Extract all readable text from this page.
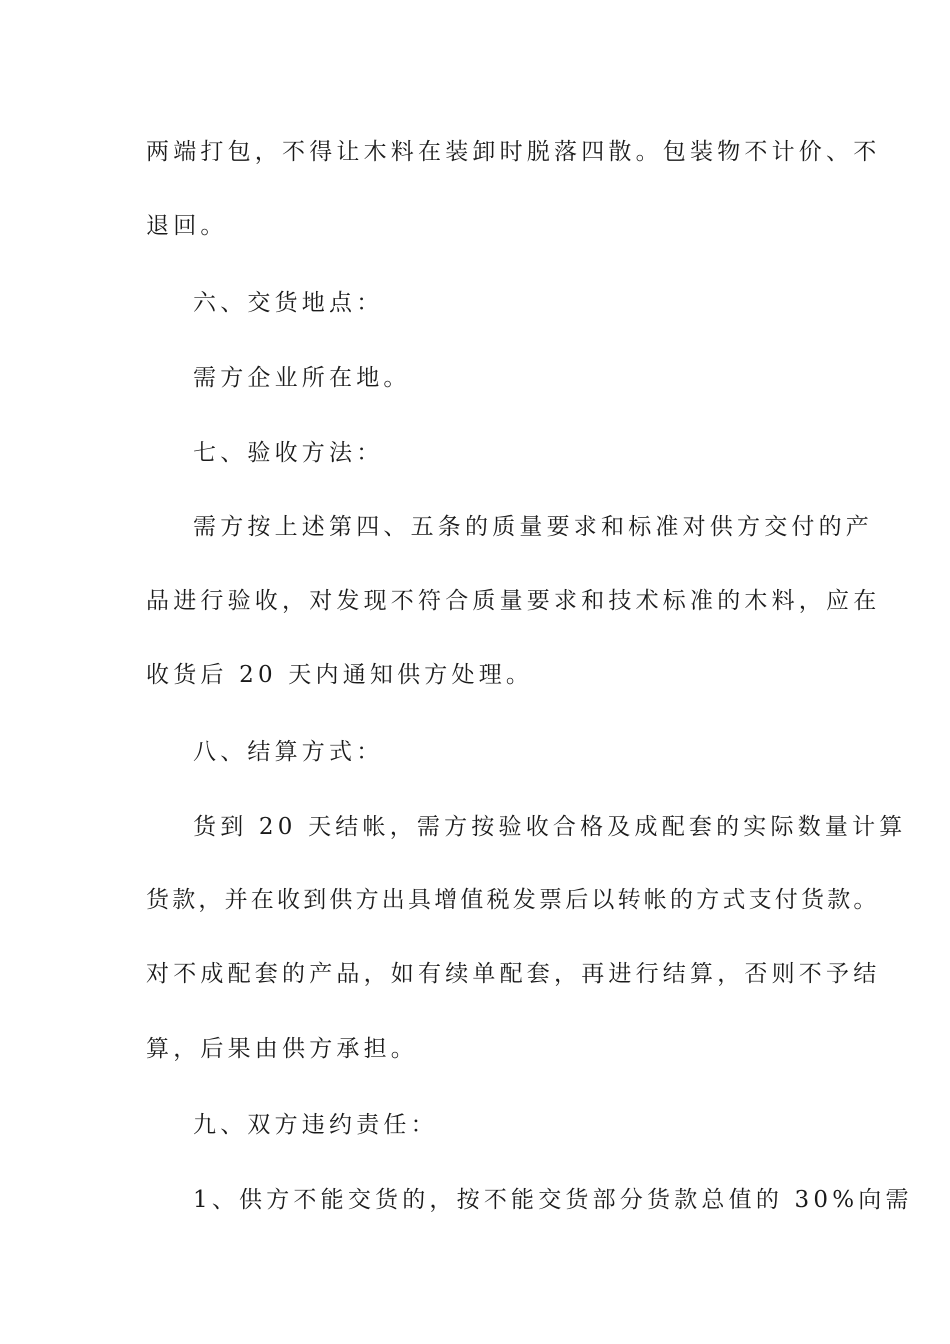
两端打包，不得让木料在装卸时脱落四散。包装物不计价、不
退回。
六、交货地点：
需方企业所在地。
七、验收方法：
需方按上述第四、五条的质量要求和标准对供方交付的产
品进行验收，对发现不符合质量要求和技术标准的木料，应在
收货后 20 天内通知供方处理。
八、结算方式：
货到 20 天结帐，需方按验收合格及成配套的实际数量计算
货款，并在收到供方出具增值税发票后以转帐的方式支付货款。
对不成配套的产品，如有续单配套，再进行结算，否则不予结
算，后果由供方承担。
九、双方违约责任：
1、供方不能交货的，按不能交货部分货款总值的 30%向需
